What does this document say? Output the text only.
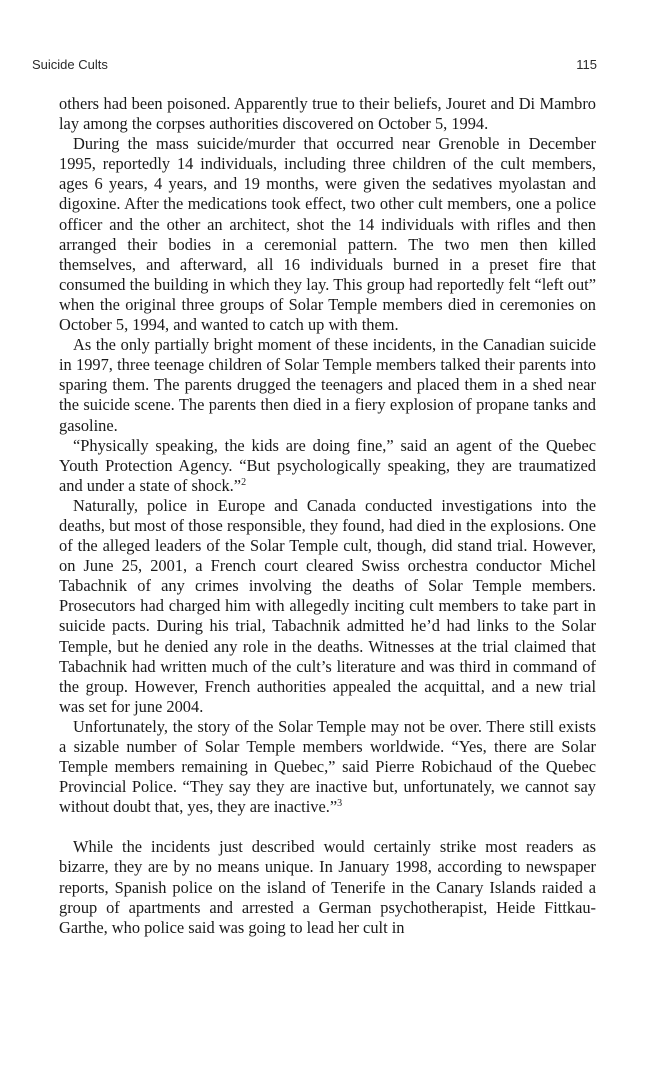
Suicide Cults	115

others had been poisoned. Apparently true to their beliefs, Jouret and Di Mambro lay among the corpses authorities discovered on October 5, 1994.

During the mass suicide/murder that occurred near Grenoble in December 1995, reportedly 14 individuals, including three children of the cult members, ages 6 years, 4 years, and 19 months, were given the sedatives myolastan and digoxine. After the medications took effect, two other cult members, one a police officer and the other an architect, shot the 14 individuals with rifles and then arranged their bodies in a ceremonial pattern. The two men then killed themselves, and afterward, all 16 individuals burned in a preset fire that consumed the building in which they lay. This group had reportedly felt “left out” when the original three groups of Solar Temple members died in ceremonies on October 5, 1994, and wanted to catch up with them.

As the only partially bright moment of these incidents, in the Canadian suicide in 1997, three teenage children of Solar Temple members talked their parents into sparing them. The parents drugged the teenagers and placed them in a shed near the suicide scene. The parents then died in a fiery explosion of propane tanks and gasoline.

“Physically speaking, the kids are doing fine,” said an agent of the Quebec Youth Protection Agency. “But psychologically speaking, they are traumatized and under a state of shock.”$^2$

Naturally, police in Europe and Canada conducted investigations into the deaths, but most of those responsible, they found, had died in the explosions. One of the alleged leaders of the Solar Temple cult, though, did stand trial. However, on June 25, 2001, a French court cleared Swiss orchestra conductor Michel Tabachnik of any crimes involving the deaths of Solar Temple members. Prosecutors had charged him with allegedly inciting cult members to take part in suicide pacts. During his trial, Tabachnik admitted he’d had links to the Solar Temple, but he denied any role in the deaths. Witnesses at the trial claimed that Tabachnik had written much of the cult’s literature and was third in command of the group. However, French authorities appealed the acquittal, and a new trial was set for june 2004.

Unfortunately, the story of the Solar Temple may not be over. There still exists a sizable number of Solar Temple members worldwide. “Yes, there are Solar Temple members remaining in Quebec,” said Pierre Robichaud of the Quebec Provincial Police. “They say they are inactive but, unfortunately, we cannot say without doubt that, yes, they are inactive.”$^3$

While the incidents just described would certainly strike most readers as bizarre, they are by no means unique. In January 1998, according to newspaper reports, Spanish police on the island of Tenerife in the Canary Islands raided a group of apartments and arrested a German psychotherapist, Heide Fittkau-Garthe, who police said was going to lead her cult in
